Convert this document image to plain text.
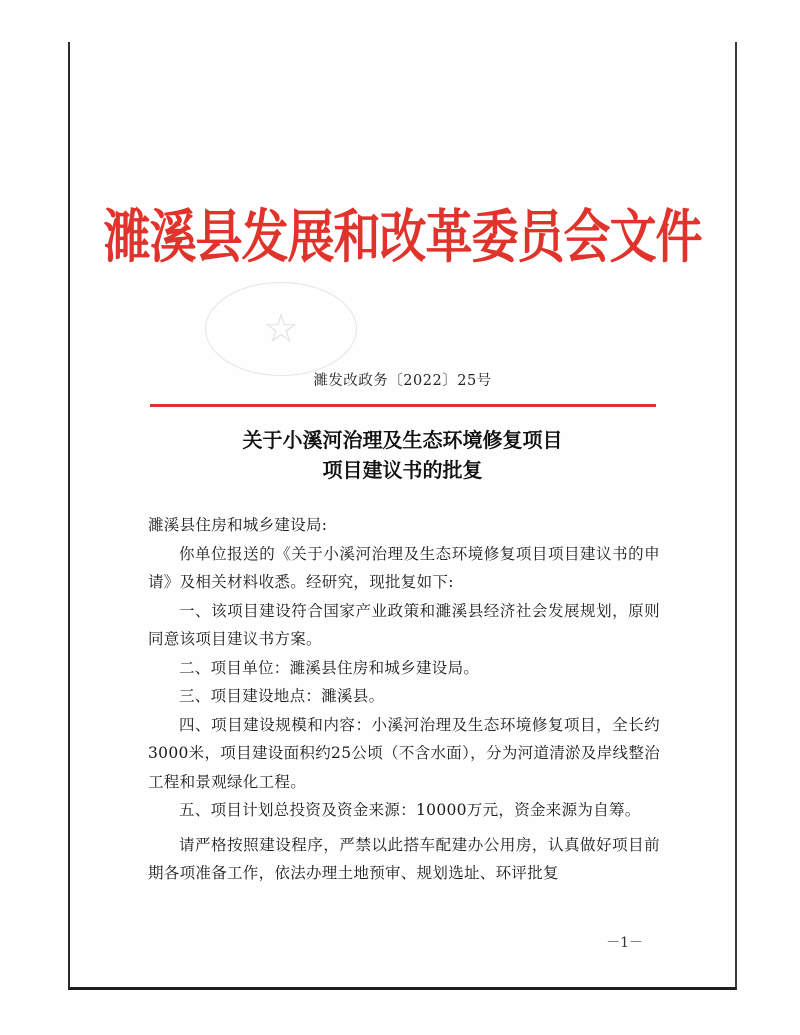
☆
濉溪县发展和改革委员会文件
濉发改政务〔2022〕25号
关于小溪河治理及生态环境修复项目
项目建议书的批复

濉溪县住房和城乡建设局:

你单位报送的《关于小溪河治理及生态环境修复项目项目建议书的申请》及相关材料收悉。经研究，现批复如下:

一、该项目建设符合国家产业政策和濉溪县经济社会发展规划，原则同意该项目建议书方案。

二、项目单位：濉溪县住房和城乡建设局。

三、项目建设地点：濉溪县。

四、项目建设规模和内容：小溪河治理及生态环境修复项目，全长约3000米，项目建设面积约25公顷（不含水面），分为河道清淤及岸线整治工程和景观绿化工程。

五、项目计划总投资及资金来源：10000万元，资金来源为自筹。

请严格按照建设程序，严禁以此搭车配建办公用房，认真做好项目前期各项准备工作，依法办理土地预审、规划选址、环评批复

－1－
